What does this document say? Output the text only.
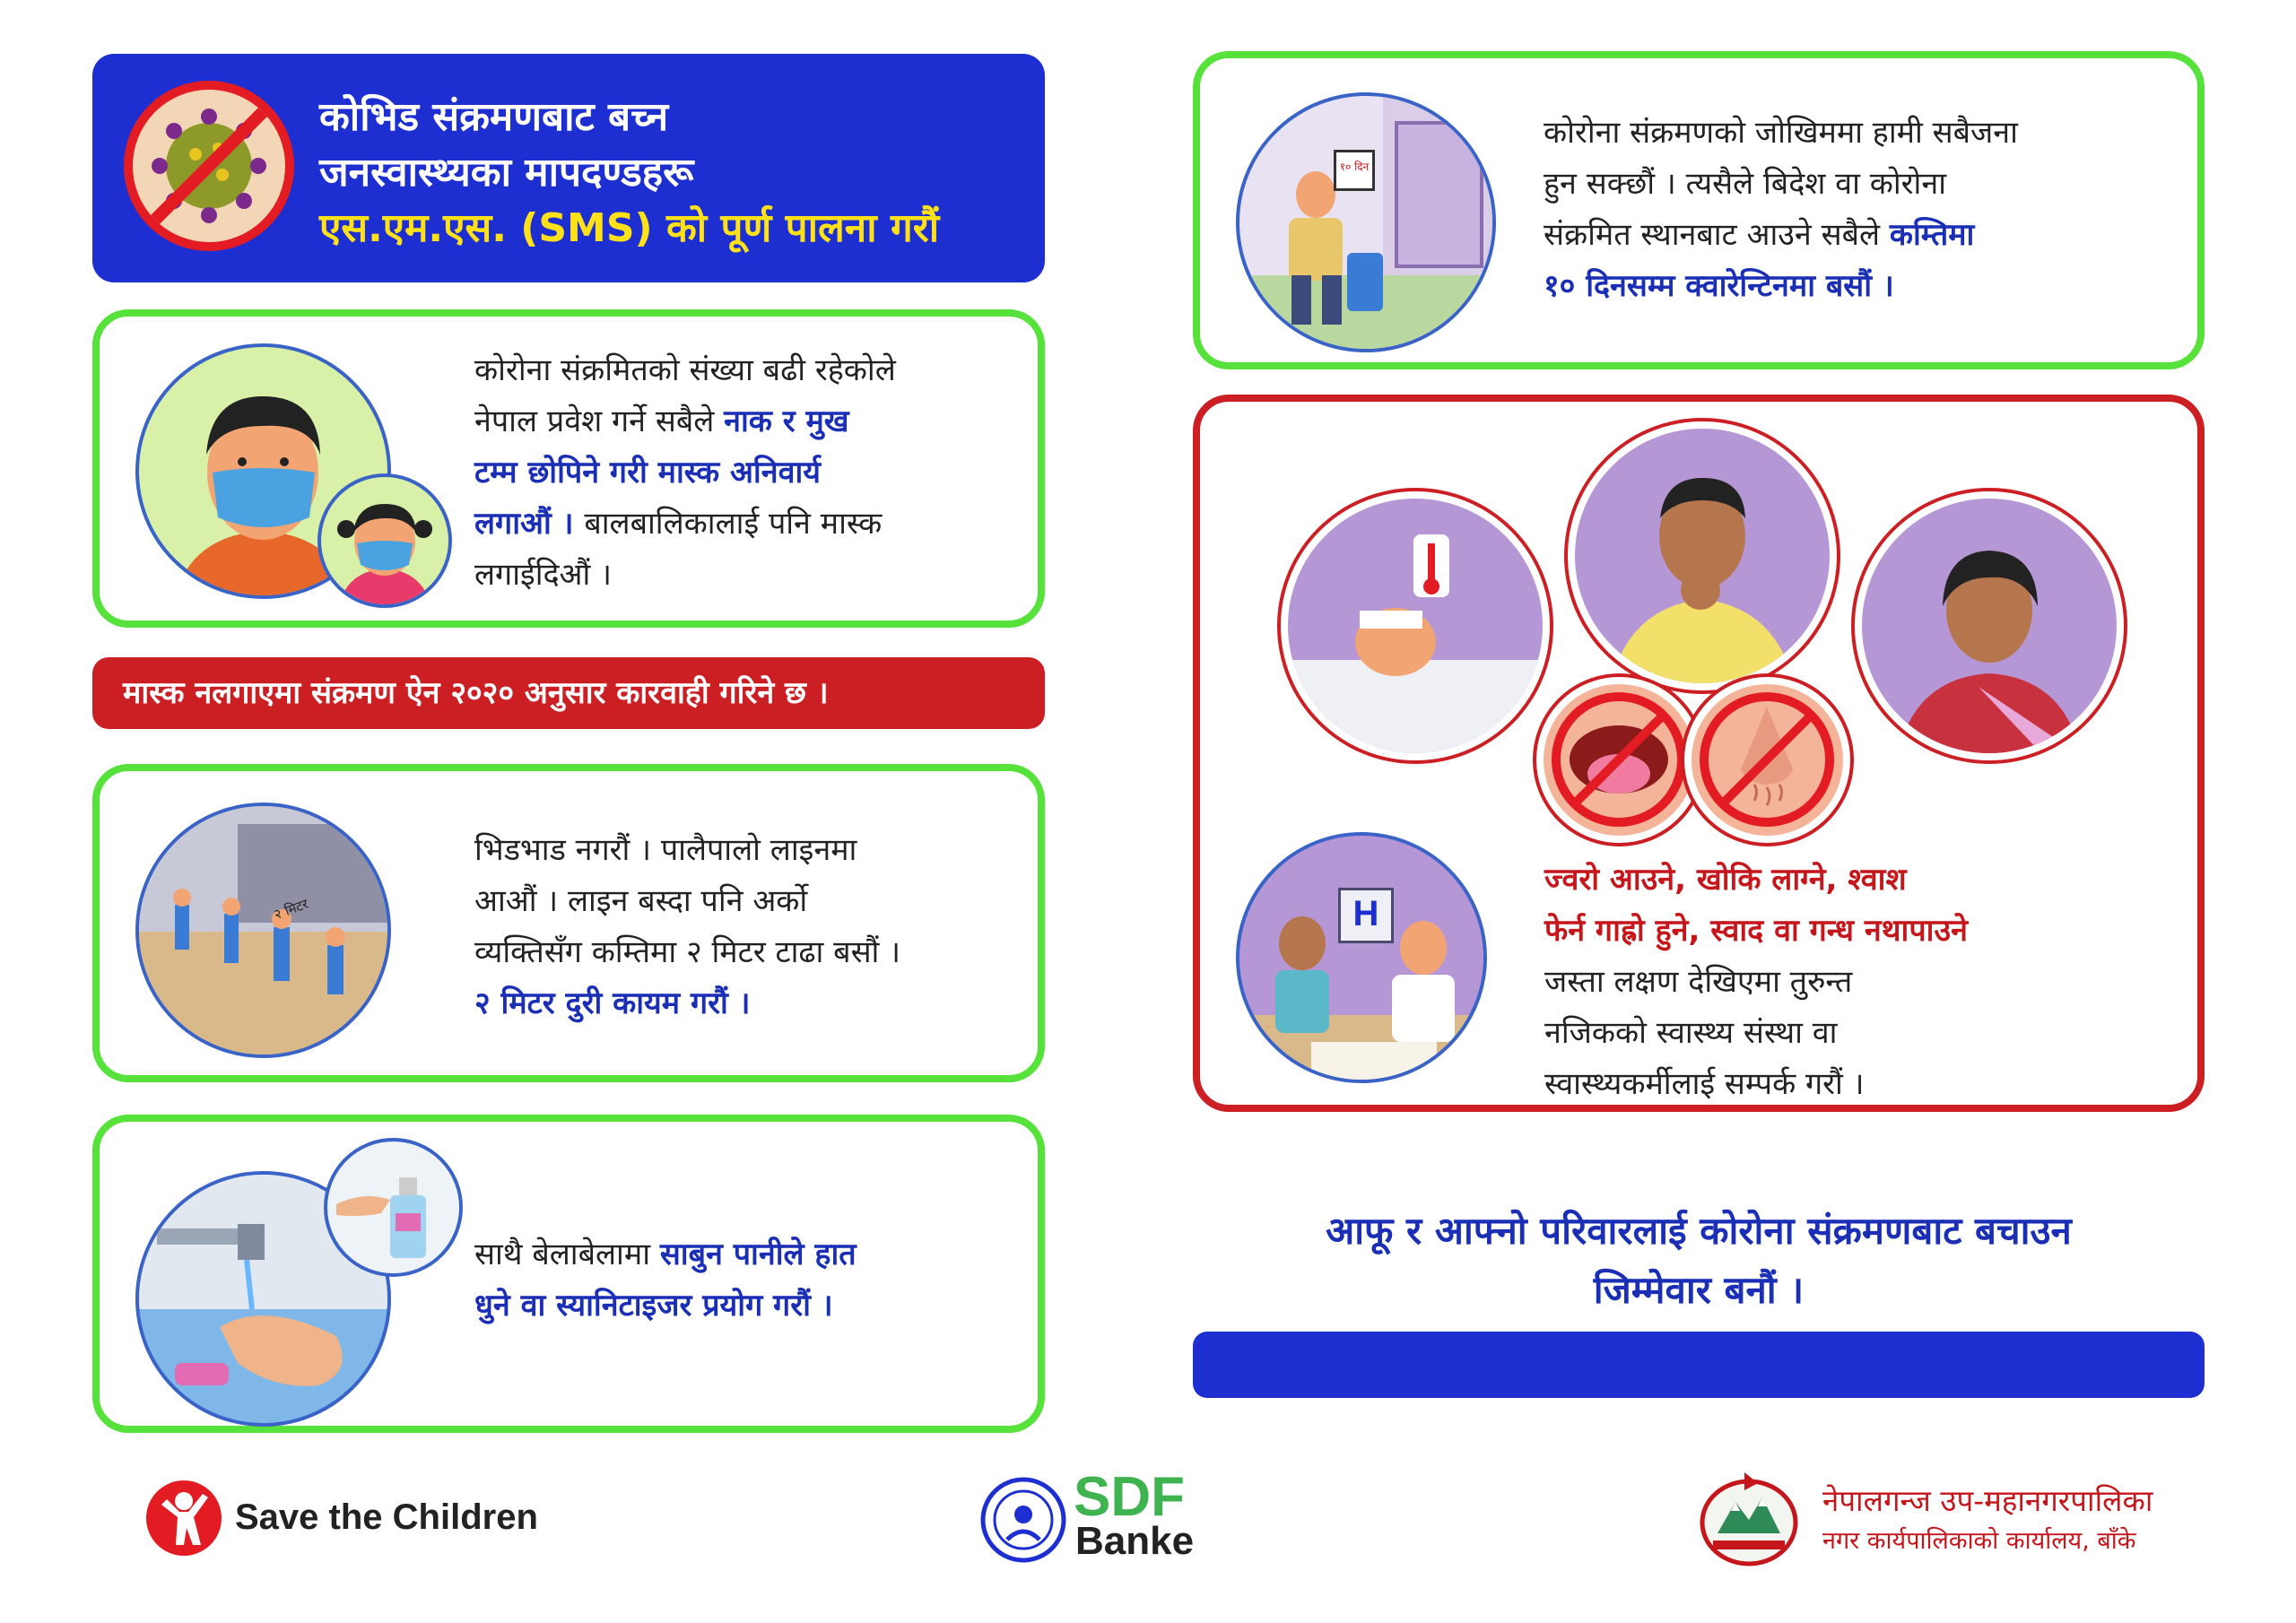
कोभिड संक्रमणबाट बच्न
जनस्वास्थ्यका मापदण्डहरू
एस.एम.एस. (SMS) को पूर्ण पालना गरौं
कोरोना संक्रमितको संख्या बढी रहेकोले
नेपाल प्रवेश गर्ने सबैले नाक र मुख
टम्म छोपिने गरी मास्क अनिवार्य
लगाऔं । बालबालिकालाई पनि मास्क
लगाईदिऔं ।
मास्क नलगाएमा संक्रमण ऐन २०२० अनुसार कारवाही गरिने छ ।
२ मिटर
भिडभाड नगरौं । पालैपालो लाइनमा
आऔं । लाइन बस्दा पनि अर्को
व्यक्तिसँग कम्तिमा २ मिटर टाढा बसौं ।
२ मिटर दुरी कायम गरौं ।
साथै बेलाबेलामा साबुन पानीले हात
धुने वा स्यानिटाइजर प्रयोग गरौं ।
१० दिन
कोरोना संक्रमणको जोखिममा हामी सबैजना
हुन सक्छौं । त्यसैले बिदेश वा कोरोना
संक्रमित स्थानबाट आउने सबैले कम्तिमा
१० दिनसम्म क्वारेन्टिनमा बसौं ।
H
ज्वरो आउने, खोकि लाग्ने, श्वाश
फेर्न गाह्रो हुने, स्वाद वा गन्ध नथापाउने
जस्ता लक्षण देखिएमा तुरुन्त
नजिकको स्वास्थ्य संस्था वा
स्वास्थ्यकर्मीलाई सम्पर्क गरौं ।
आफू र आफ्नो परिवारलाई कोरोना संक्रमणबाट बचाउन
जिम्मेवार बनौं ।
Save the Children	SDF
Banke
नेपालगन्ज उप-महानगरपालिका
नगर कार्यपालिकाको कार्यालय, बाँके
